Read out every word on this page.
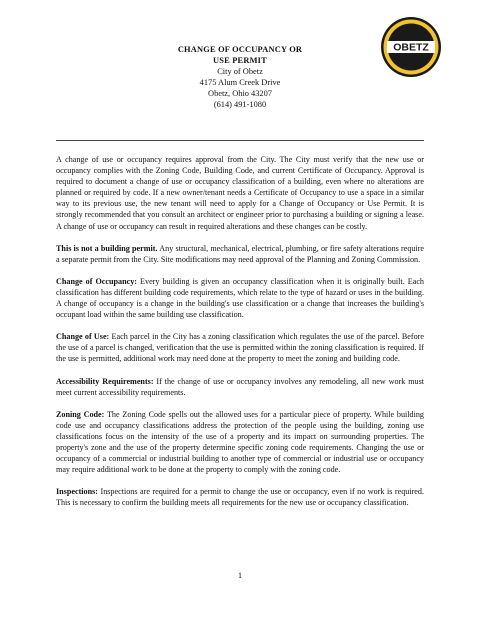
CHANGE OF OCCUPANCY OR
USE PERMIT
City of Obetz
4175 Alum Creek Drive
Obetz, Ohio 43207
(614) 491-1080
VILLAGE OF
OBETZ

A change of use or occupancy requires approval from the City. The City must verify that the new use or occupancy complies with the Zoning Code, Building Code, and current Certificate of Occupancy. Approval is required to document a change of use or occupancy classification of a building, even where no alterations are planned or required by code. If a new owner/tenant needs a Certificate of Occupancy to use a space in a similar way to its previous use, the new tenant will need to apply for a Change of Occupancy or Use Permit. It is strongly recommended that you consult an architect or engineer prior to purchasing a building or signing a lease. A change of use or occupancy can result in required alterations and these changes can be costly.

This is not a building permit. Any structural, mechanical, electrical, plumbing, or fire safety alterations require a separate permit from the City. Site modifications may need approval of the Planning and Zoning Commission.

Change of Occupancy: Every building is given an occupancy classification when it is originally built. Each classification has different building code requirements, which relate to the type of hazard or uses in the building. A change of occupancy is a change in the building's use classification or a change that increases the building's occupant load within the same building use classification.

Change of Use: Each parcel in the City has a zoning classification which regulates the use of the parcel. Before the use of a parcel is changed, verification that the use is permitted within the zoning classification is required. If the use is permitted, additional work may need done at the property to meet the zoning and building code.

Accessibility Requirements: If the change of use or occupancy involves any remodeling, all new work must meet current accessibility requirements.

Zoning Code: The Zoning Code spells out the allowed uses for a particular piece of property. While building code use and occupancy classifications address the protection of the people using the building, zoning use classifications focus on the intensity of the use of a property and its impact on surrounding properties. The property's zone and the use of the property determine specific zoning code requirements. Changing the use or occupancy of a commercial or industrial building to another type of commercial or industrial use or occupancy may require additional work to be done at the property to comply with the zoning code.

Inspections: Inspections are required for a permit to change the use or occupancy, even if no work is required. This is necessary to confirm the building meets all requirements for the new use or occupancy classification.

1
